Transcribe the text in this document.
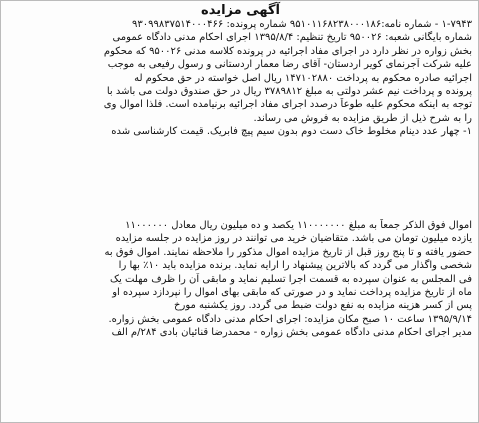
آگهی مزایده
۱-۷۹۴۳ - شماره نامه:۹۵۱۰۱۱۶۸۲۳۸۰۰۰۱۸۶ شماره پرونده: ۹۳۰۹۹۸۳۷۵۱۴۰۰۰۴۶۶
شماره بایگانی شعبه: ۹۵۰۰۲۶ تاریخ تنظیم: ۱۳۹۵/۸/۴ اجرای احکام مدنی دادگاه عمومی
بخش زواره در نظر دارد در اجرای مفاد اجرائیه در پرونده کلاسه مدنی ۹۵۰۰۲۶ که محکوم
علیه شرکت آجرنمای کویر اردستان- آقای رضا معمار اردستانی و رسول رفیعی به موجب
اجرائیه صادره محکوم به پرداخت ۱۴۷۱۰۲۸۸۰ ریال اصل خواسته در حق محکوم له
پرونده و پرداخت نیم عشر دولتی به مبلغ ۳۷۸۹۸۱۲ ریال در حق صندوق دولت می باشد با
توجه به اینکه محکوم علیه طوعاً درصدد اجرای مفاد اجرائیه برنیامده است. فلذا اموال وی
را به شرح ذیل از طریق مزایده به فروش می رساند.
۱- چهار عدد دینام مخلوط خاک دست دوم بدون سیم پیچ فابریک. قیمت کارشناسی شده
اموال فوق الذکر جمعاً به مبلغ ۱۱۰۰۰۰۰۰۰ یکصد و ده میلیون ریال معادل ۱۱۰۰۰۰۰۰
یازده میلیون تومان می باشد. متقاضیان خرید می توانند در روز مزایده در جلسه مزایده
حضور یافته و تا پنج روز قبل از تاریخ مزایده اموال مذکور را ملاحظه نمایند. اموال فوق به
شخصی واگذار می گردد که بالاترین پیشنهاد را ارایه نماید. برنده مزایده باید ۱۰٪ بها را
فی المجلس به عنوان سپرده به قسمت اجرا تسلیم نماید و مابقی آن را ظرف مهلت یک
ماه از تاریخ مزایده پرداخت نماید و در صورتی که مابقی بهای اموال را نپردازد سپرده او
پس از کسر هزینه مزایده به نفع دولت ضبط می گردد. روز یکشنبه مورخ
۱۳۹۵/۹/۱۴ ساعت ۱۰ صبح مکان مزایده: اجرای احکام مدنی دادگاه عمومی بخش زواره.
مدیر اجرای احکام مدنی دادگاه عمومی بخش زواره - محمدرضا قنائیان بادی ۲۸۴/م الف
